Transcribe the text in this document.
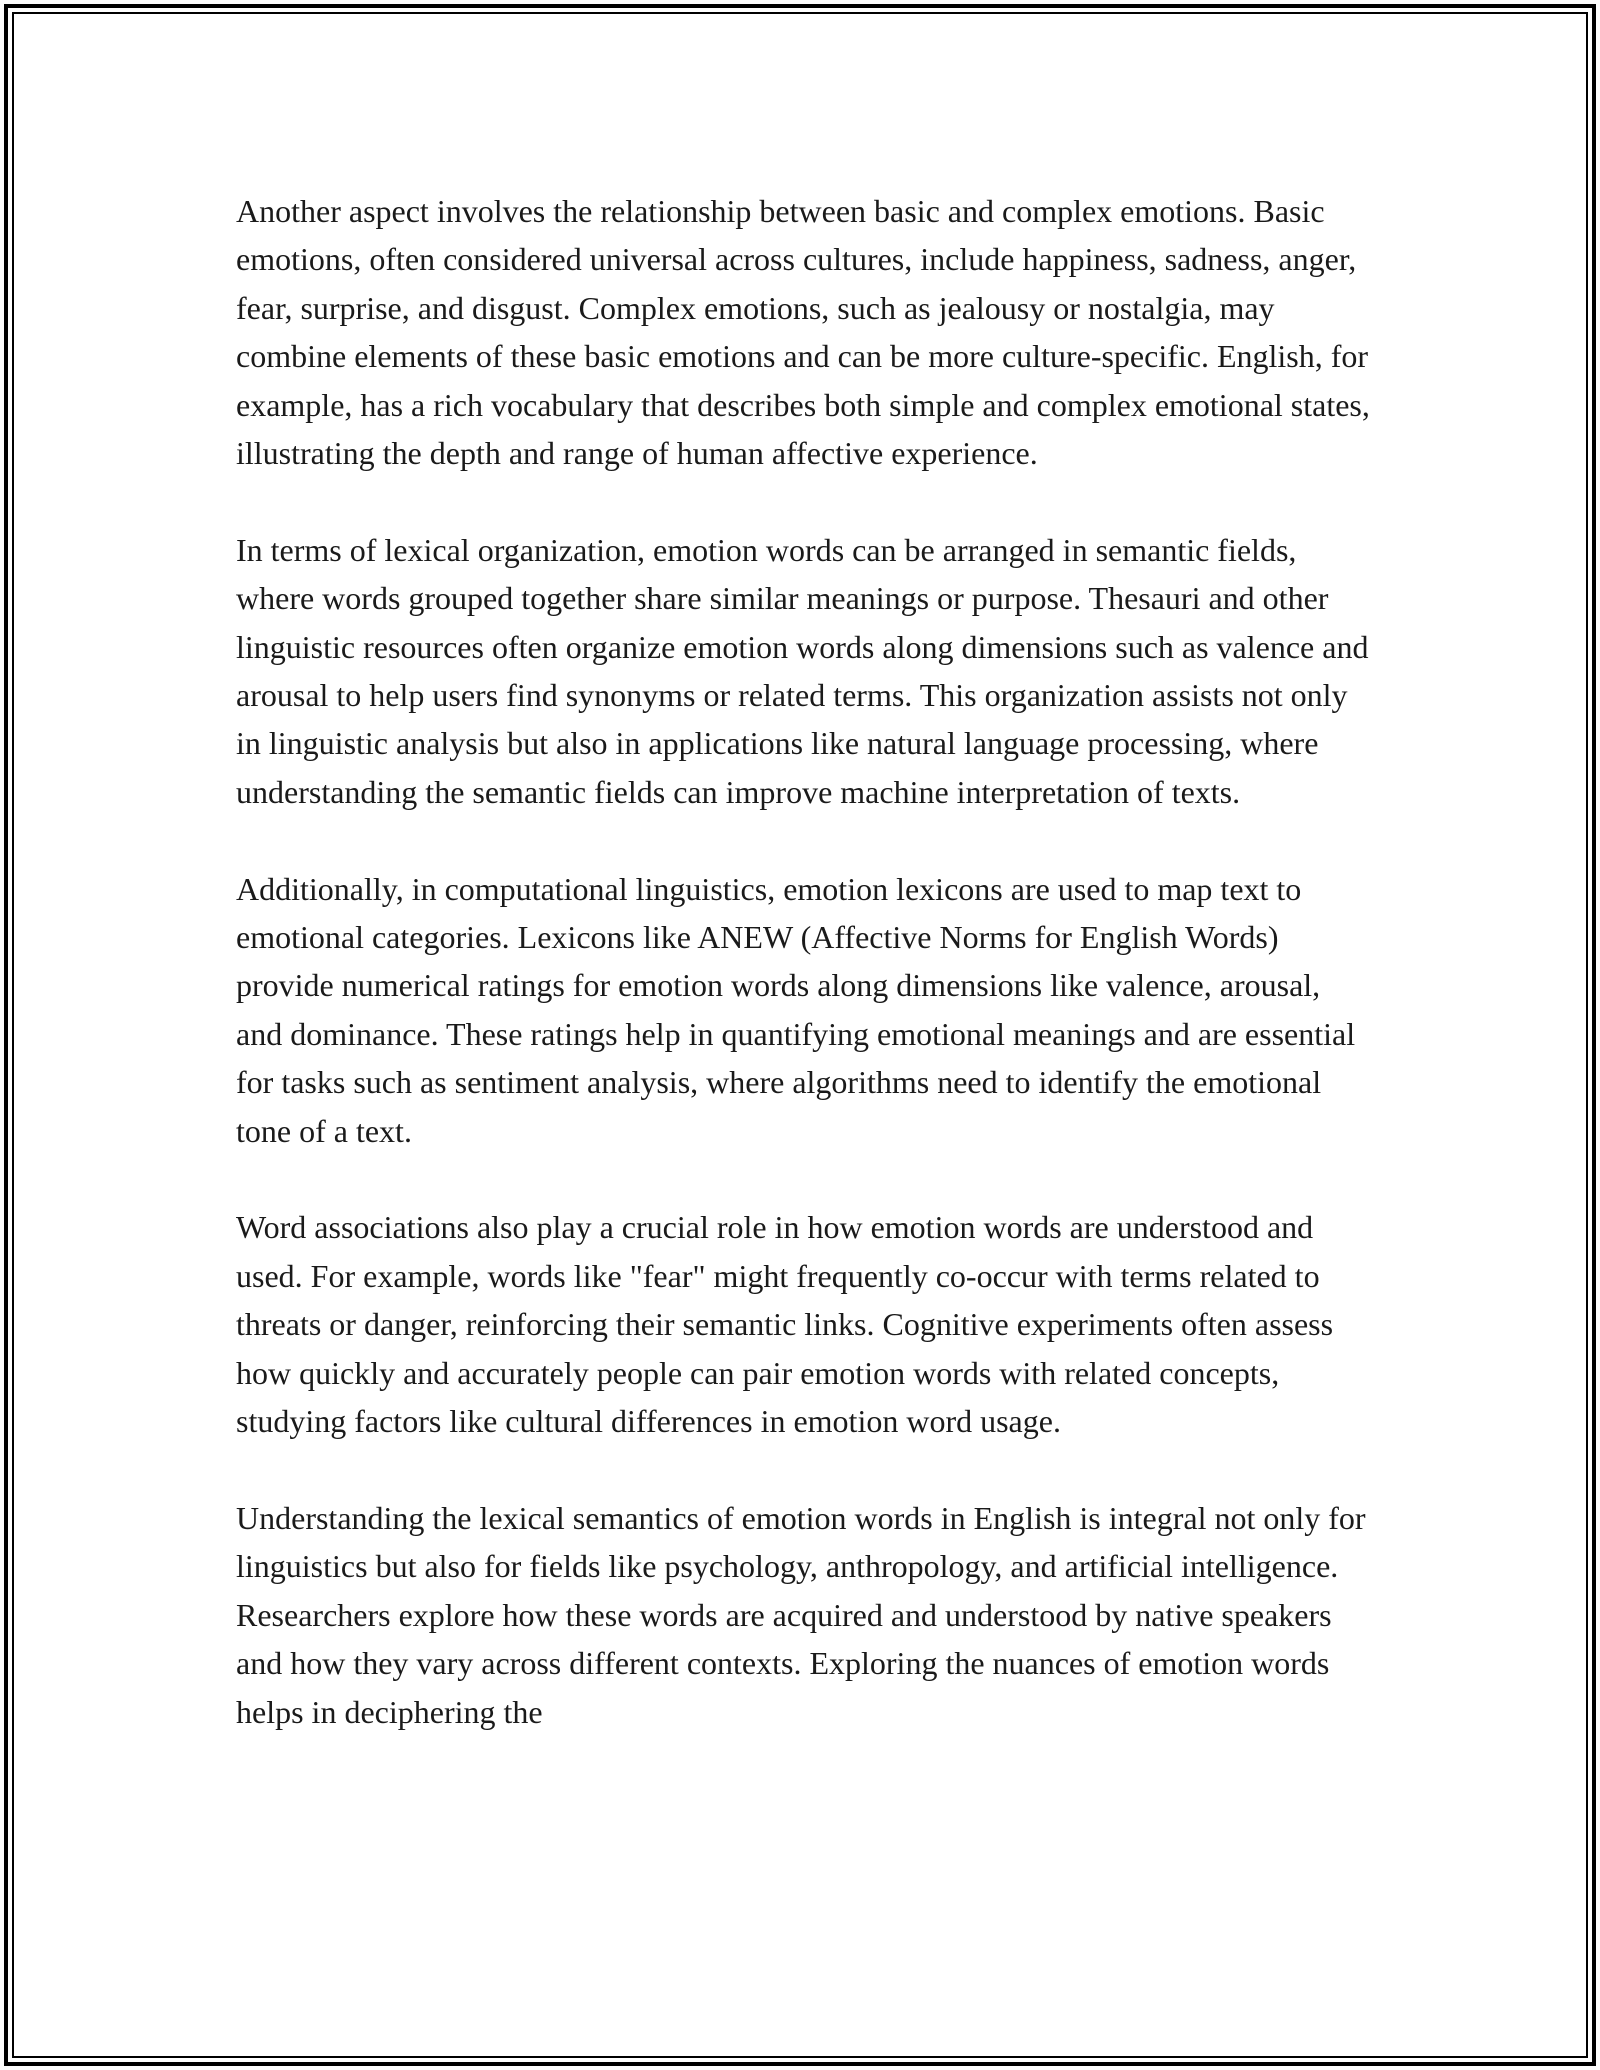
Another aspect involves the relationship between basic and complex emotions. Basic emotions, often considered universal across cultures, include happiness, sadness, anger, fear, surprise, and disgust. Complex emotions, such as jealousy or nostalgia, may combine elements of these basic emotions and can be more culture-specific. English, for example, has a rich vocabulary that describes both simple and complex emotional states, illustrating the depth and range of human affective experience.

In terms of lexical organization, emotion words can be arranged in semantic fields, where words grouped together share similar meanings or purpose. Thesauri and other linguistic resources often organize emotion words along dimensions such as valence and arousal to help users find synonyms or related terms. This organization assists not only in linguistic analysis but also in applications like natural language processing, where understanding the semantic fields can improve machine interpretation of texts.

Additionally, in computational linguistics, emotion lexicons are used to map text to emotional categories. Lexicons like ANEW (Affective Norms for English Words) provide numerical ratings for emotion words along dimensions like valence, arousal, and dominance. These ratings help in quantifying emotional meanings and are essential for tasks such as sentiment analysis, where algorithms need to identify the emotional tone of a text.

Word associations also play a crucial role in how emotion words are understood and used. For example, words like "fear" might frequently co-occur with terms related to threats or danger, reinforcing their semantic links. Cognitive experiments often assess how quickly and accurately people can pair emotion words with related concepts, studying factors like cultural differences in emotion word usage.

Understanding the lexical semantics of emotion words in English is integral not only for linguistics but also for fields like psychology, anthropology, and artificial intelligence. Researchers explore how these words are acquired and understood by native speakers and how they vary across different contexts. Exploring the nuances of emotion words helps in deciphering the
